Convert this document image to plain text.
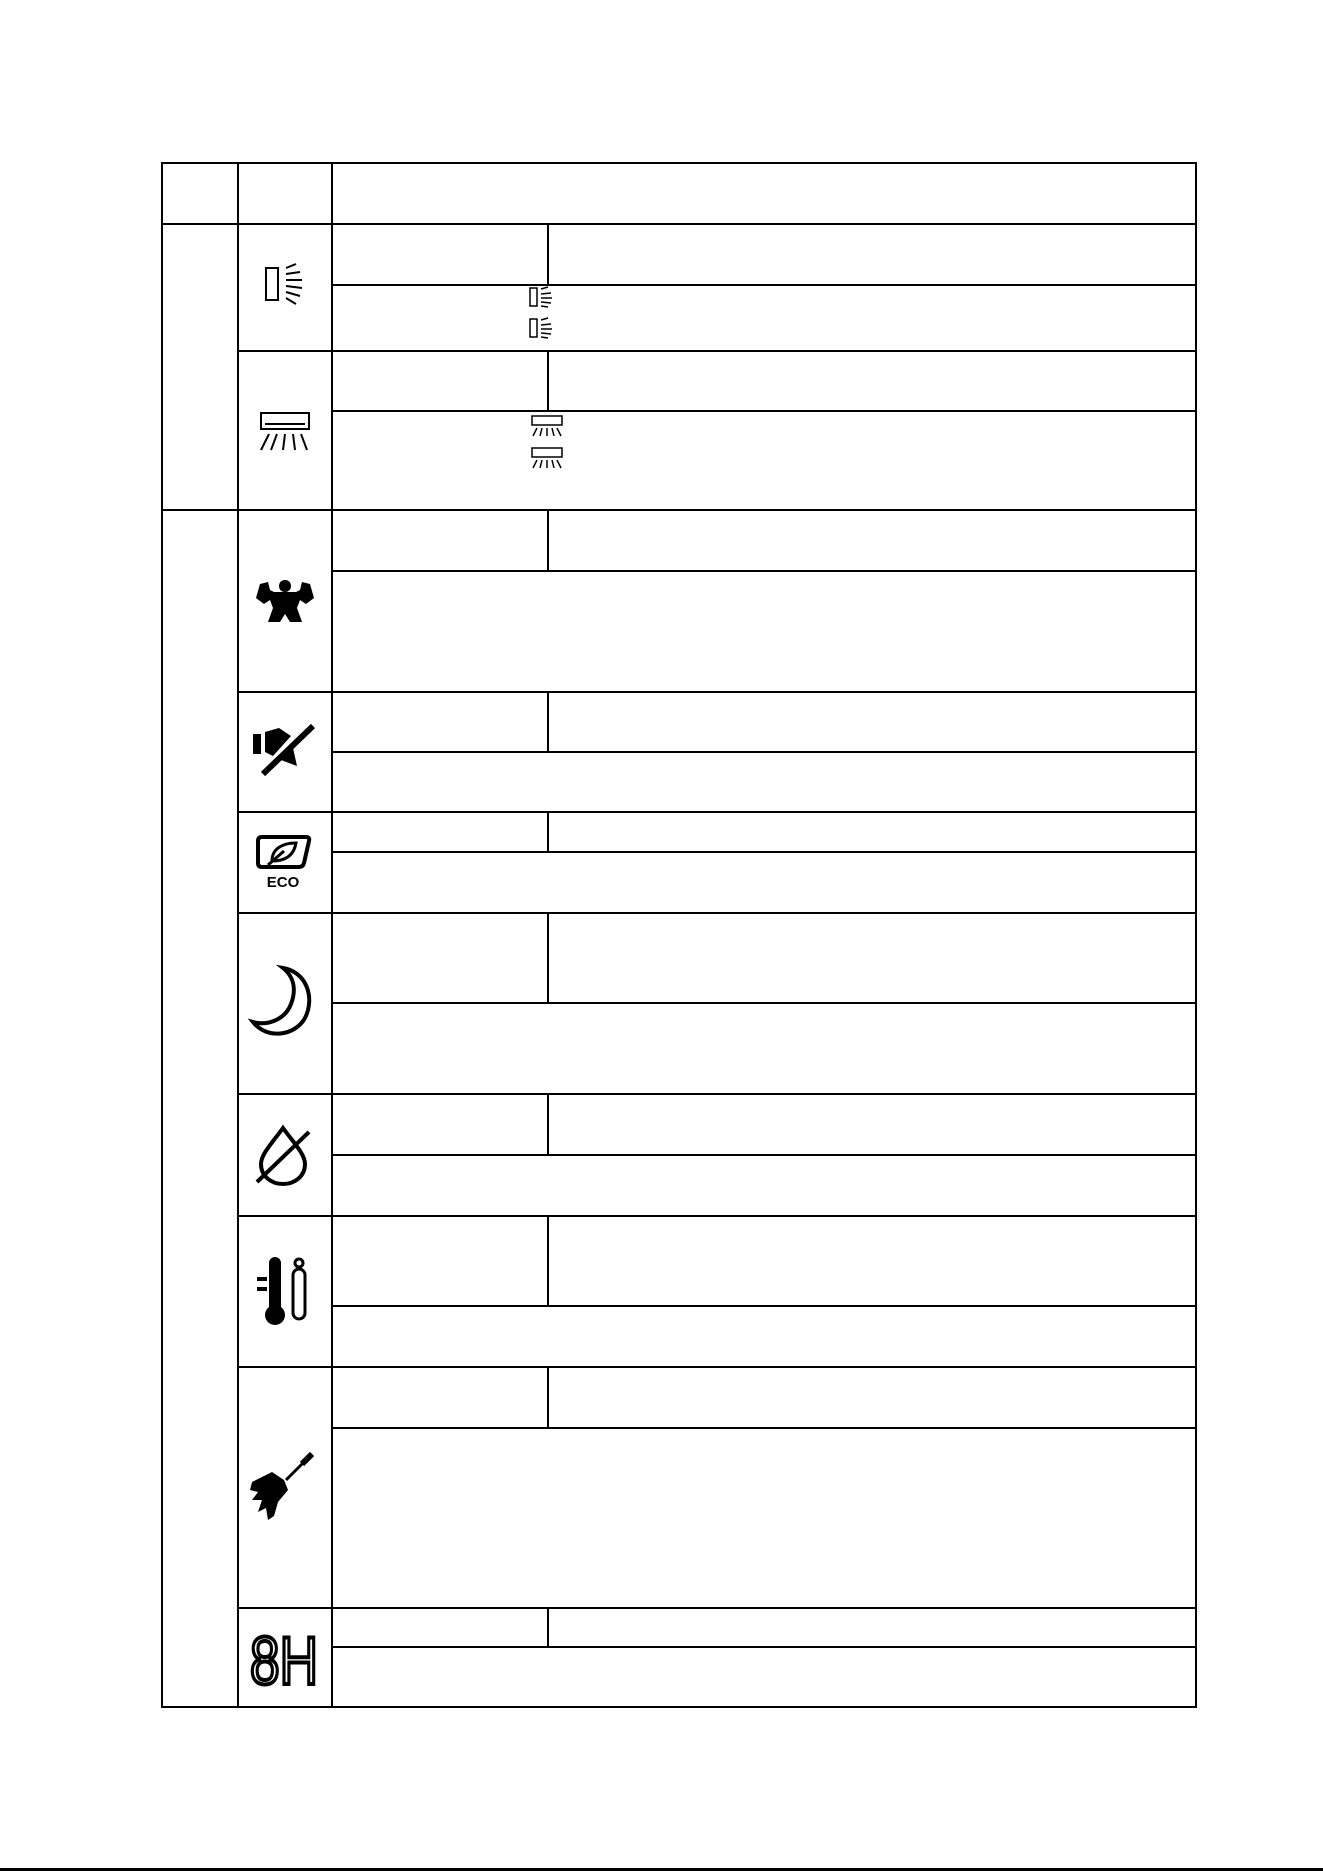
ECO
8H
